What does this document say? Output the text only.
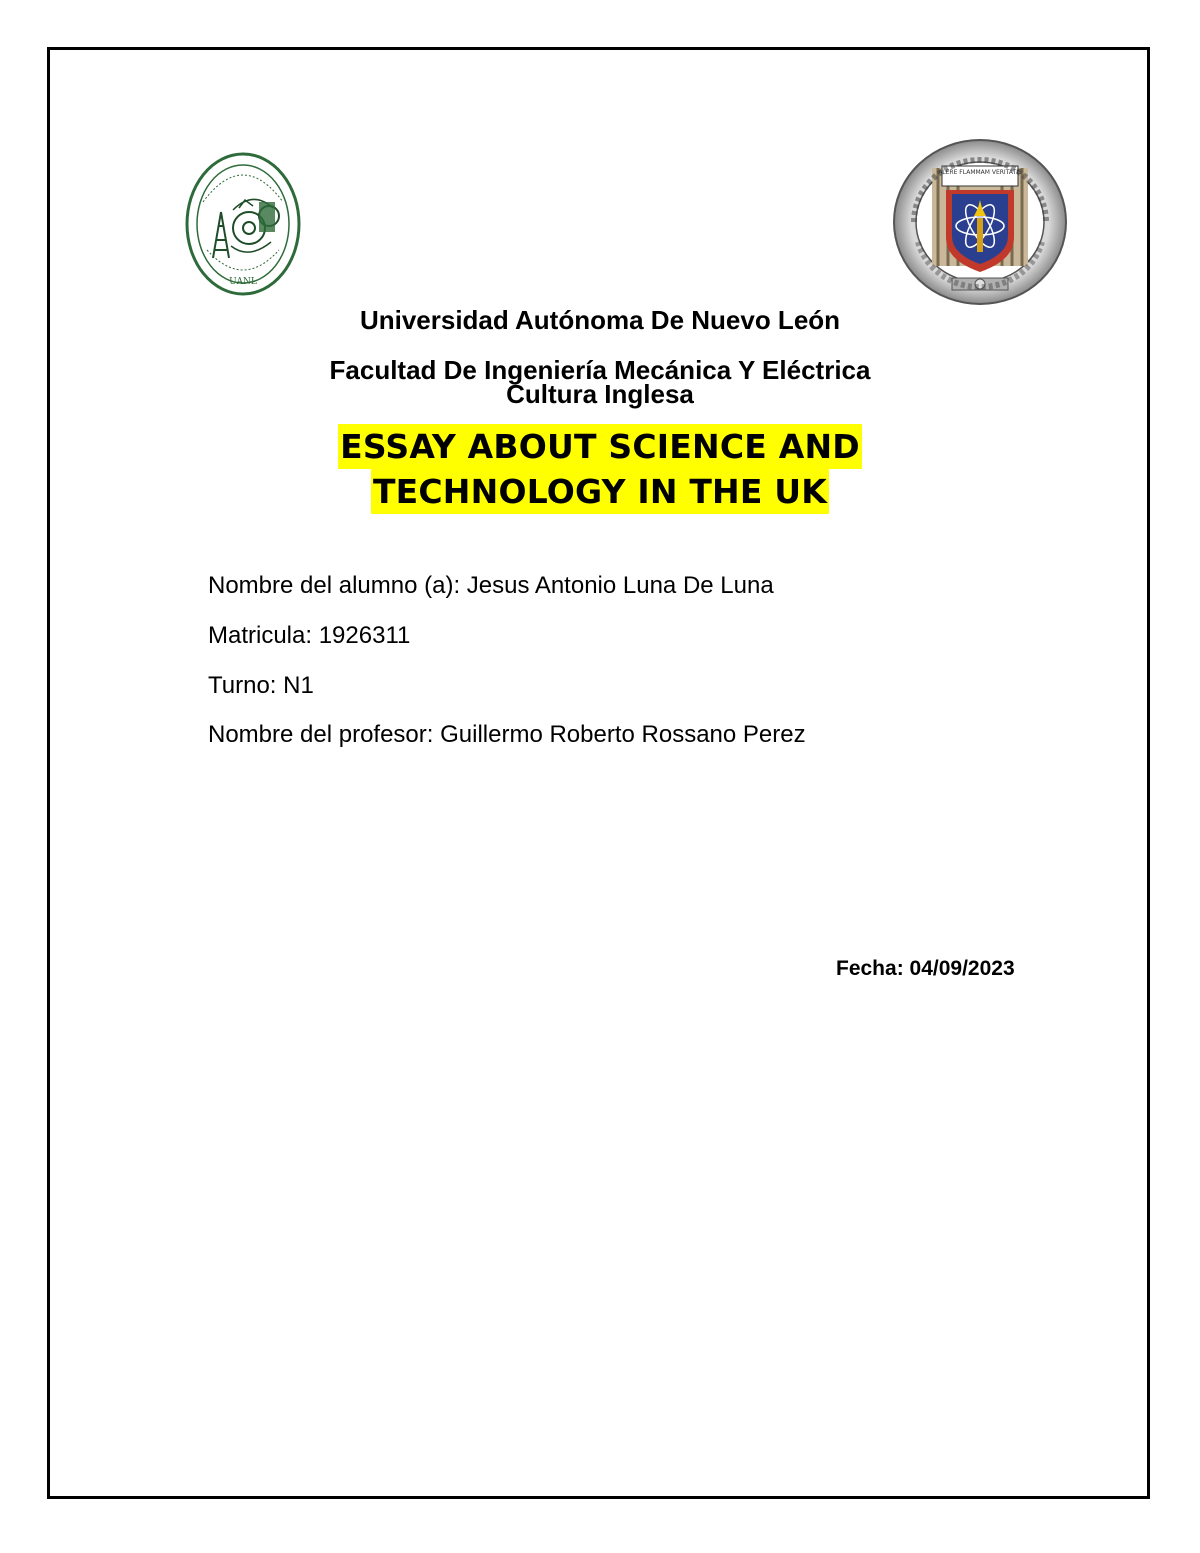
UANL
ALERE FLAMMAM VERITATIS
Universidad Autónoma De Nuevo León
Facultad De Ingeniería Mecánica Y Eléctrica
Cultura Inglesa
ESSAY ABOUT SCIENCE AND
TECHNOLOGY IN THE UK
Nombre del alumno (a): Jesus Antonio Luna De Luna
Matricula: 1926311
Turno: N1
Nombre del profesor: Guillermo Roberto Rossano Perez
Fecha: 04/09/2023
